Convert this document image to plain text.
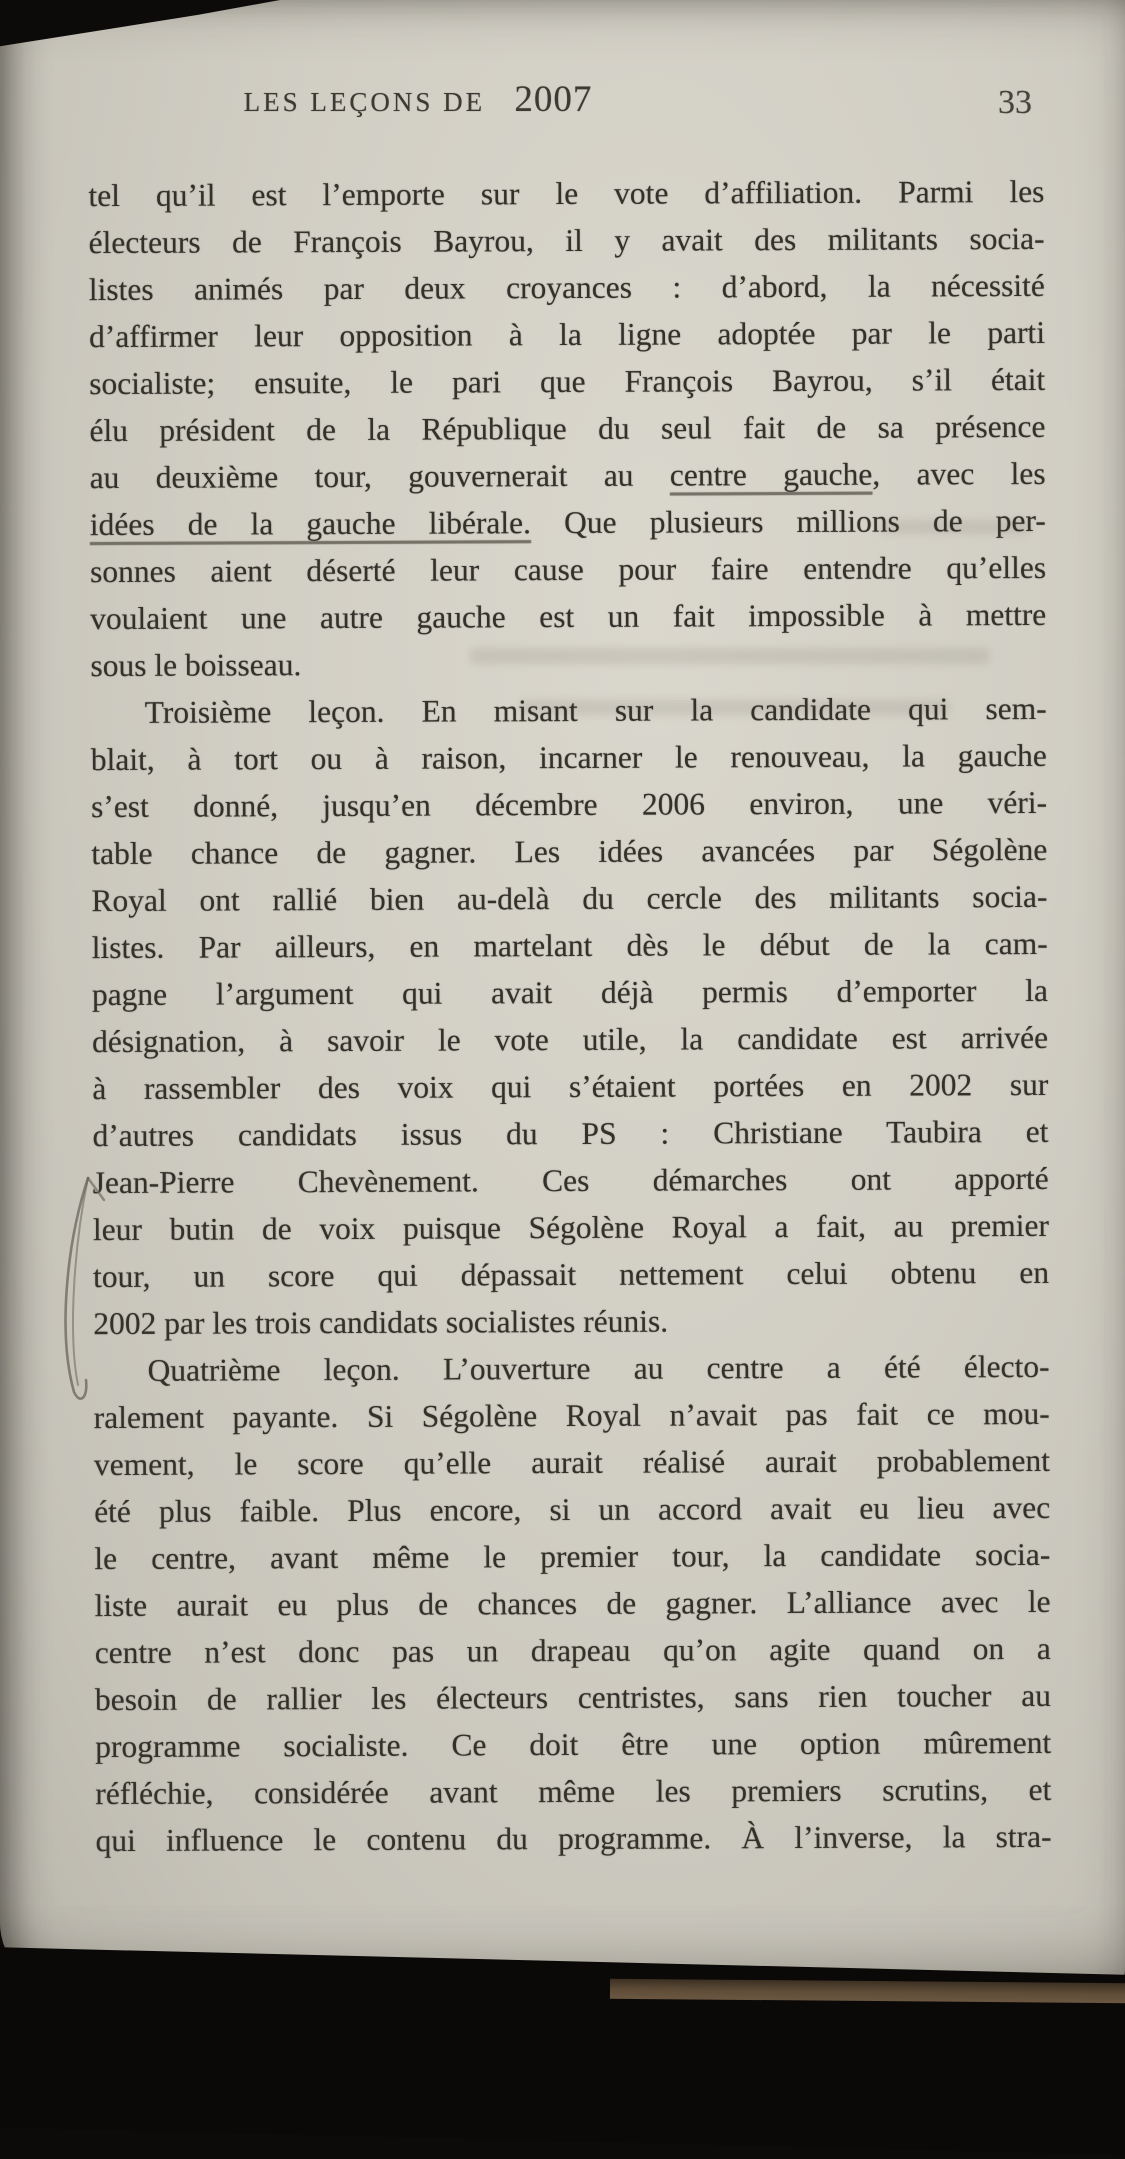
LES LEÇONS DE 2007	33
tel qu’il est l’emporte sur le vote d’affiliation. Parmi les
électeurs de François Bayrou, il y avait des militants socia-
listes animés par deux croyances : d’abord, la nécessité
d’affirmer leur opposition à la ligne adoptée par le parti
socialiste; ensuite, le pari que François Bayrou, s’il était
élu président de la République du seul fait de sa présence
au deuxième tour, gouvernerait au centre gauche, avec les
idées de la gauche libérale. Que plusieurs millions de per-
sonnes aient déserté leur cause pour faire entendre qu’elles
voulaient une autre gauche est un fait impossible à mettre
sous le boisseau.
Troisième leçon. En misant sur la candidate qui sem-
blait, à tort ou à raison, incarner le renouveau, la gauche
s’est donné, jusqu’en décembre 2006 environ, une véri-
table chance de gagner. Les idées avancées par Ségolène
Royal ont rallié bien au-delà du cercle des militants socia-
listes. Par ailleurs, en martelant dès le début de la cam-
pagne l’argument qui avait déjà permis d’emporter la
désignation, à savoir le vote utile, la candidate est arrivée
à rassembler des voix qui s’étaient portées en 2002 sur
d’autres candidats issus du PS : Christiane Taubira et
Jean-Pierre Chevènement. Ces démarches ont apporté
leur butin de voix puisque Ségolène Royal a fait, au premier
tour, un score qui dépassait nettement celui obtenu en
2002 par les trois candidats socialistes réunis.
Quatrième leçon. L’ouverture au centre a été électo-
ralement payante. Si Ségolène Royal n’avait pas fait ce mou-
vement, le score qu’elle aurait réalisé aurait probablement
été plus faible. Plus encore, si un accord avait eu lieu avec
le centre, avant même le premier tour, la candidate socia-
liste aurait eu plus de chances de gagner. L’alliance avec le
centre n’est donc pas un drapeau qu’on agite quand on a
besoin de rallier les électeurs centristes, sans rien toucher au
programme socialiste. Ce doit être une option mûrement
réfléchie, considérée avant même les premiers scrutins, et
qui influence le contenu du programme. À l’inverse, la stra-
